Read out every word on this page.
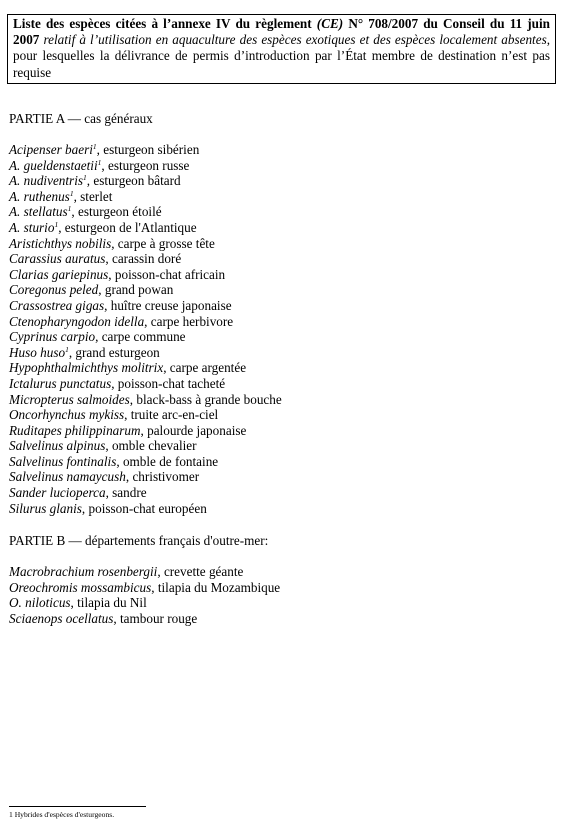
Liste des espèces citées à l’annexe IV du règlement (CE) N° 708/2007 du Conseil du 11 juin 2007 relatif à l’utilisation en aquaculture des espèces exotiques et des espèces localement absentes, pour lesquelles la délivrance de permis d’introduction par l’État membre de destination n’est pas requise
PARTIE A — cas généraux
Acipenser baeri$^1$, esturgeon sibérien
A. gueldenstaetii$^1$, esturgeon russe
A. nudiventris$^1$, esturgeon bâtard
A. ruthenus$^1$, sterlet
A. stellatus$^1$, esturgeon étoilé
A. sturio$^1$, esturgeon de l'Atlantique
Aristichthys nobilis, carpe à grosse tête
Carassius auratus, carassin doré
Clarias gariepinus, poisson-chat africain
Coregonus peled, grand powan
Crassostrea gigas, huître creuse japonaise
Ctenopharyngodon idella, carpe herbivore
Cyprinus carpio, carpe commune
Huso huso$^1$, grand esturgeon
Hypophthalmichthys molitrix, carpe argentée
Ictalurus punctatus, poisson-chat tacheté
Micropterus salmoides, black-bass à grande bouche
Oncorhynchus mykiss, truite arc-en-ciel
Ruditapes philippinarum, palourde japonaise
Salvelinus alpinus, omble chevalier
Salvelinus fontinalis, omble de fontaine
Salvelinus namaycush, christivomer
Sander lucioperca, sandre
Silurus glanis, poisson-chat européen
PARTIE B — départements français d'outre-mer:
Macrobrachium rosenbergii, crevette géante
Oreochromis mossambicus, tilapia du Mozambique
O. niloticus, tilapia du Nil
Sciaenops ocellatus, tambour rouge
1 Hybrides d'espèces d'esturgeons.
